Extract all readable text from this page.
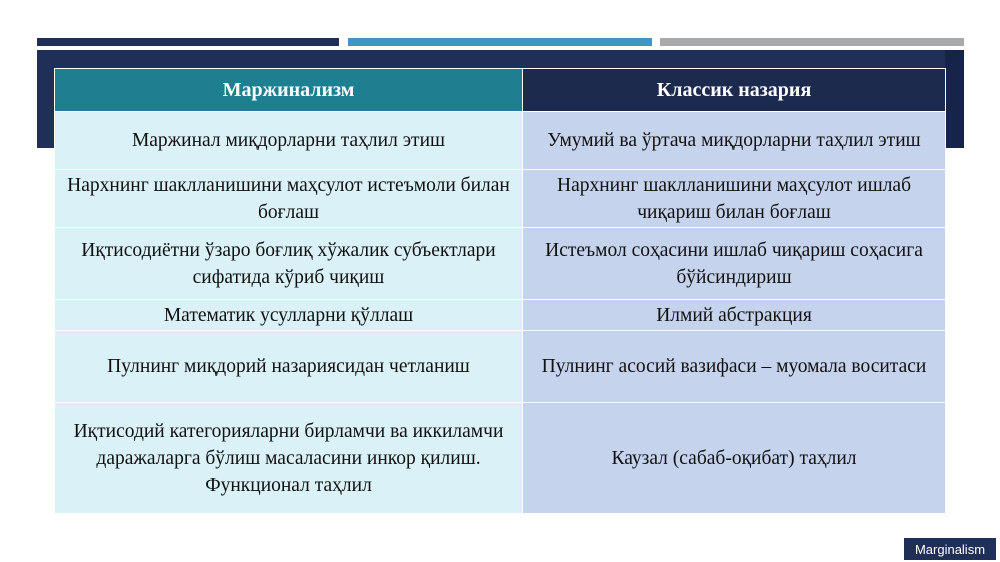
Маржинализм	Классик назария
Маржинал миқдорларни таҳлил этиш	Умумий ва ўртача миқдорларни таҳлил этиш
Нархнинг шаклланишини маҳсулот истеъмоли билан боғлаш	Нархнинг шаклланишини маҳсулот ишлаб чиқариш билан боғлаш
Иқтисодиётни ўзаро боғлиқ хўжалик субъектлари сифатида кўриб чиқиш	Истеъмол соҳасини ишлаб чиқариш соҳасига бўйсиндириш
Математик усулларни қўллаш	Илмий абстракция
Пулнинг миқдорий назариясидан четланиш	Пулнинг асосий вазифаси – муомала воситаси
Иқтисодий категорияларни бирламчи ва иккиламчи даражаларга бўлиш масаласини инкор қилиш. Функционал таҳлил	Каузал (сабаб-оқибат) таҳлил
Marginalism
